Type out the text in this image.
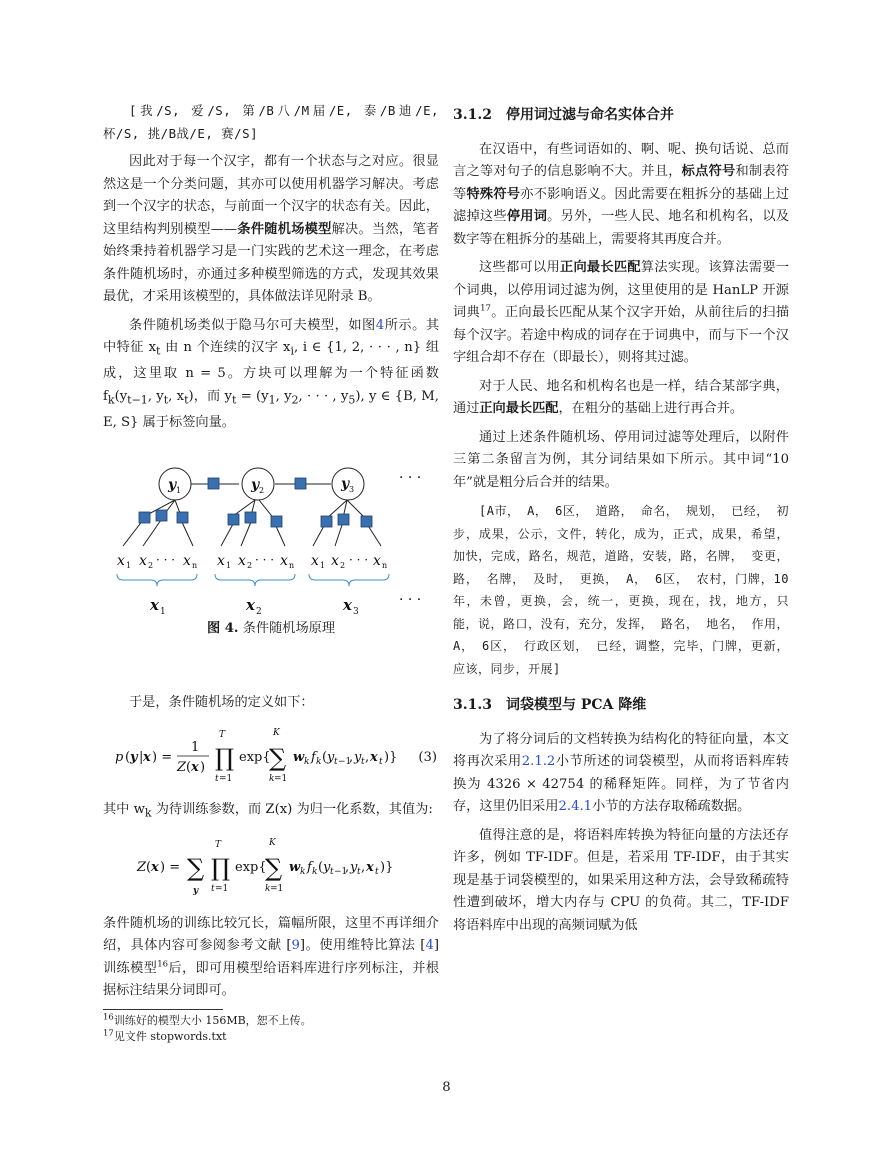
[我/S, 爱/S, 第/B八/M届/E, 泰/B迪/E, 杯/S, 挑/B战/E, 赛/S]

因此对于每一个汉字，都有一个状态与之对应。很显然这是一个分类问题，其亦可以使用机器学习解决。考虑到一个汉字的状态，与前面一个汉字的状态有关。因此，这里结构判别模型——条件随机场模型解决。当然，笔者始终秉持着机器学习是一门实践的艺术这一理念，在考虑条件随机场时，亦通过多种模型筛选的方式，发现其效果最优，才采用该模型的，具体做法详见附录 B。

条件随机场类似于隐马尔可夫模型，如图4所示。其中特征 $x_t$ 由 n 个连续的汉字 $x_i$, i ∈ {1, 2, · · · , n} 组成，这里取 n = 5。方块可以理解为一个特征函数 $f_k(y_{t-1}$, $y_t$, $x_t$)，而 $y_t = (y_1$, $y_2$, · · · , $y_5$), y ∈ {B, M, E, S} 属于标签向量。

y	y	y
1	2	3
· · ·
x x	x x x x x x x
1 2	n	1 2	n	1 2	n
· · ·	· · ·	· · ·
x	x	x
1	2	3
· · ·
图 4. 条件随机场原理

于是，条件随机场的定义如下：

p ( y | x ) =
1
Z ( x ) ∏
T
t =1
exp{
∑
K
k =1
w k f k ( y t −1
, y t , x t )} (3)

其中 $w_k$ 为待训练参数，而 Z(x) 为归一化系数，其值为:

Z ( x ) = ∑
y
∏
T
t =1
exp{
∑
K
k =1
w k f k ( y t −1
, y t , x t )}

条件随机场的训练比较冗长，篇幅所限，这里不再详细介绍，具体内容可参阅参考文献 [9]。使用维特比算法 [4] 训练模型$^{16}$后，即可用模型给语料库进行序列标注，并根据标注结果分词即可。

$^{16}$训练好的模型大小 156MB，恕不上传。

$^{17}$见文件 stopwords.txt

3.1.2 停用词过滤与命名实体合并

在汉语中，有些词语如的、啊、呢、换句话说、总而言之等对句子的信息影响不大。并且，标点符号和制表符等特殊符号亦不影响语义。因此需要在粗拆分的基础上过滤掉这些停用词。另外，一些人民、地名和机构名，以及数字等在粗拆分的基础上，需要将其再度合并。

这些都可以用正向最长匹配算法实现。该算法需要一个词典，以停用词过滤为例，这里使用的是 HanLP 开源词典$^{17}$。正向最长匹配从某个汉字开始，从前往后的扫描每个汉字。若途中构成的词存在于词典中，而与下一个汉字组合却不存在（即最长），则将其过滤。

对于人民、地名和机构名也是一样，结合某部字典，通过正向最长匹配，在粗分的基础上进行再合并。

通过上述条件随机场、停用词过滤等处理后，以附件三第二条留言为例，其分词结果如下所示。其中词“10年”就是粗分后合并的结果。

[A市， A， 6区， 道路， 命名， 规划， 已经， 初步，成果，公示，文件，转化，成为，正式，成果，希望，加快，完成，路名，规范，道路，安装，路，名牌， 变更， 路， 名牌， 及时， 更换， A， 6区， 农村，门牌，10年，未曾，更换，会，统一，更换，现在，找，地方，只能，说，路口，没有，充分，发挥， 路名， 地名， 作用， A， 6区， 行政区划， 已经，调整，完毕，门牌，更新，应该，同步，开展]

3.1.3 词袋模型与 PCA 降维

为了将分词后的文档转换为结构化的特征向量，本文将再次采用2.1.2小节所述的词袋模型，从而将语料库转换为 4326 × 42754 的稀释矩阵。同样，为了节省内存，这里仍旧采用2.4.1小节的方法存取稀疏数据。

值得注意的是，将语料库转换为特征向量的方法还存许多，例如 TF-IDF。但是，若采用 TF-IDF，由于其实现是基于词袋模型的，如果采用这种方法，会导致稀疏特性遭到破坏，增大内存与 CPU 的负荷。其二，TF-IDF 将语料库中出现的高频词赋为低

8
